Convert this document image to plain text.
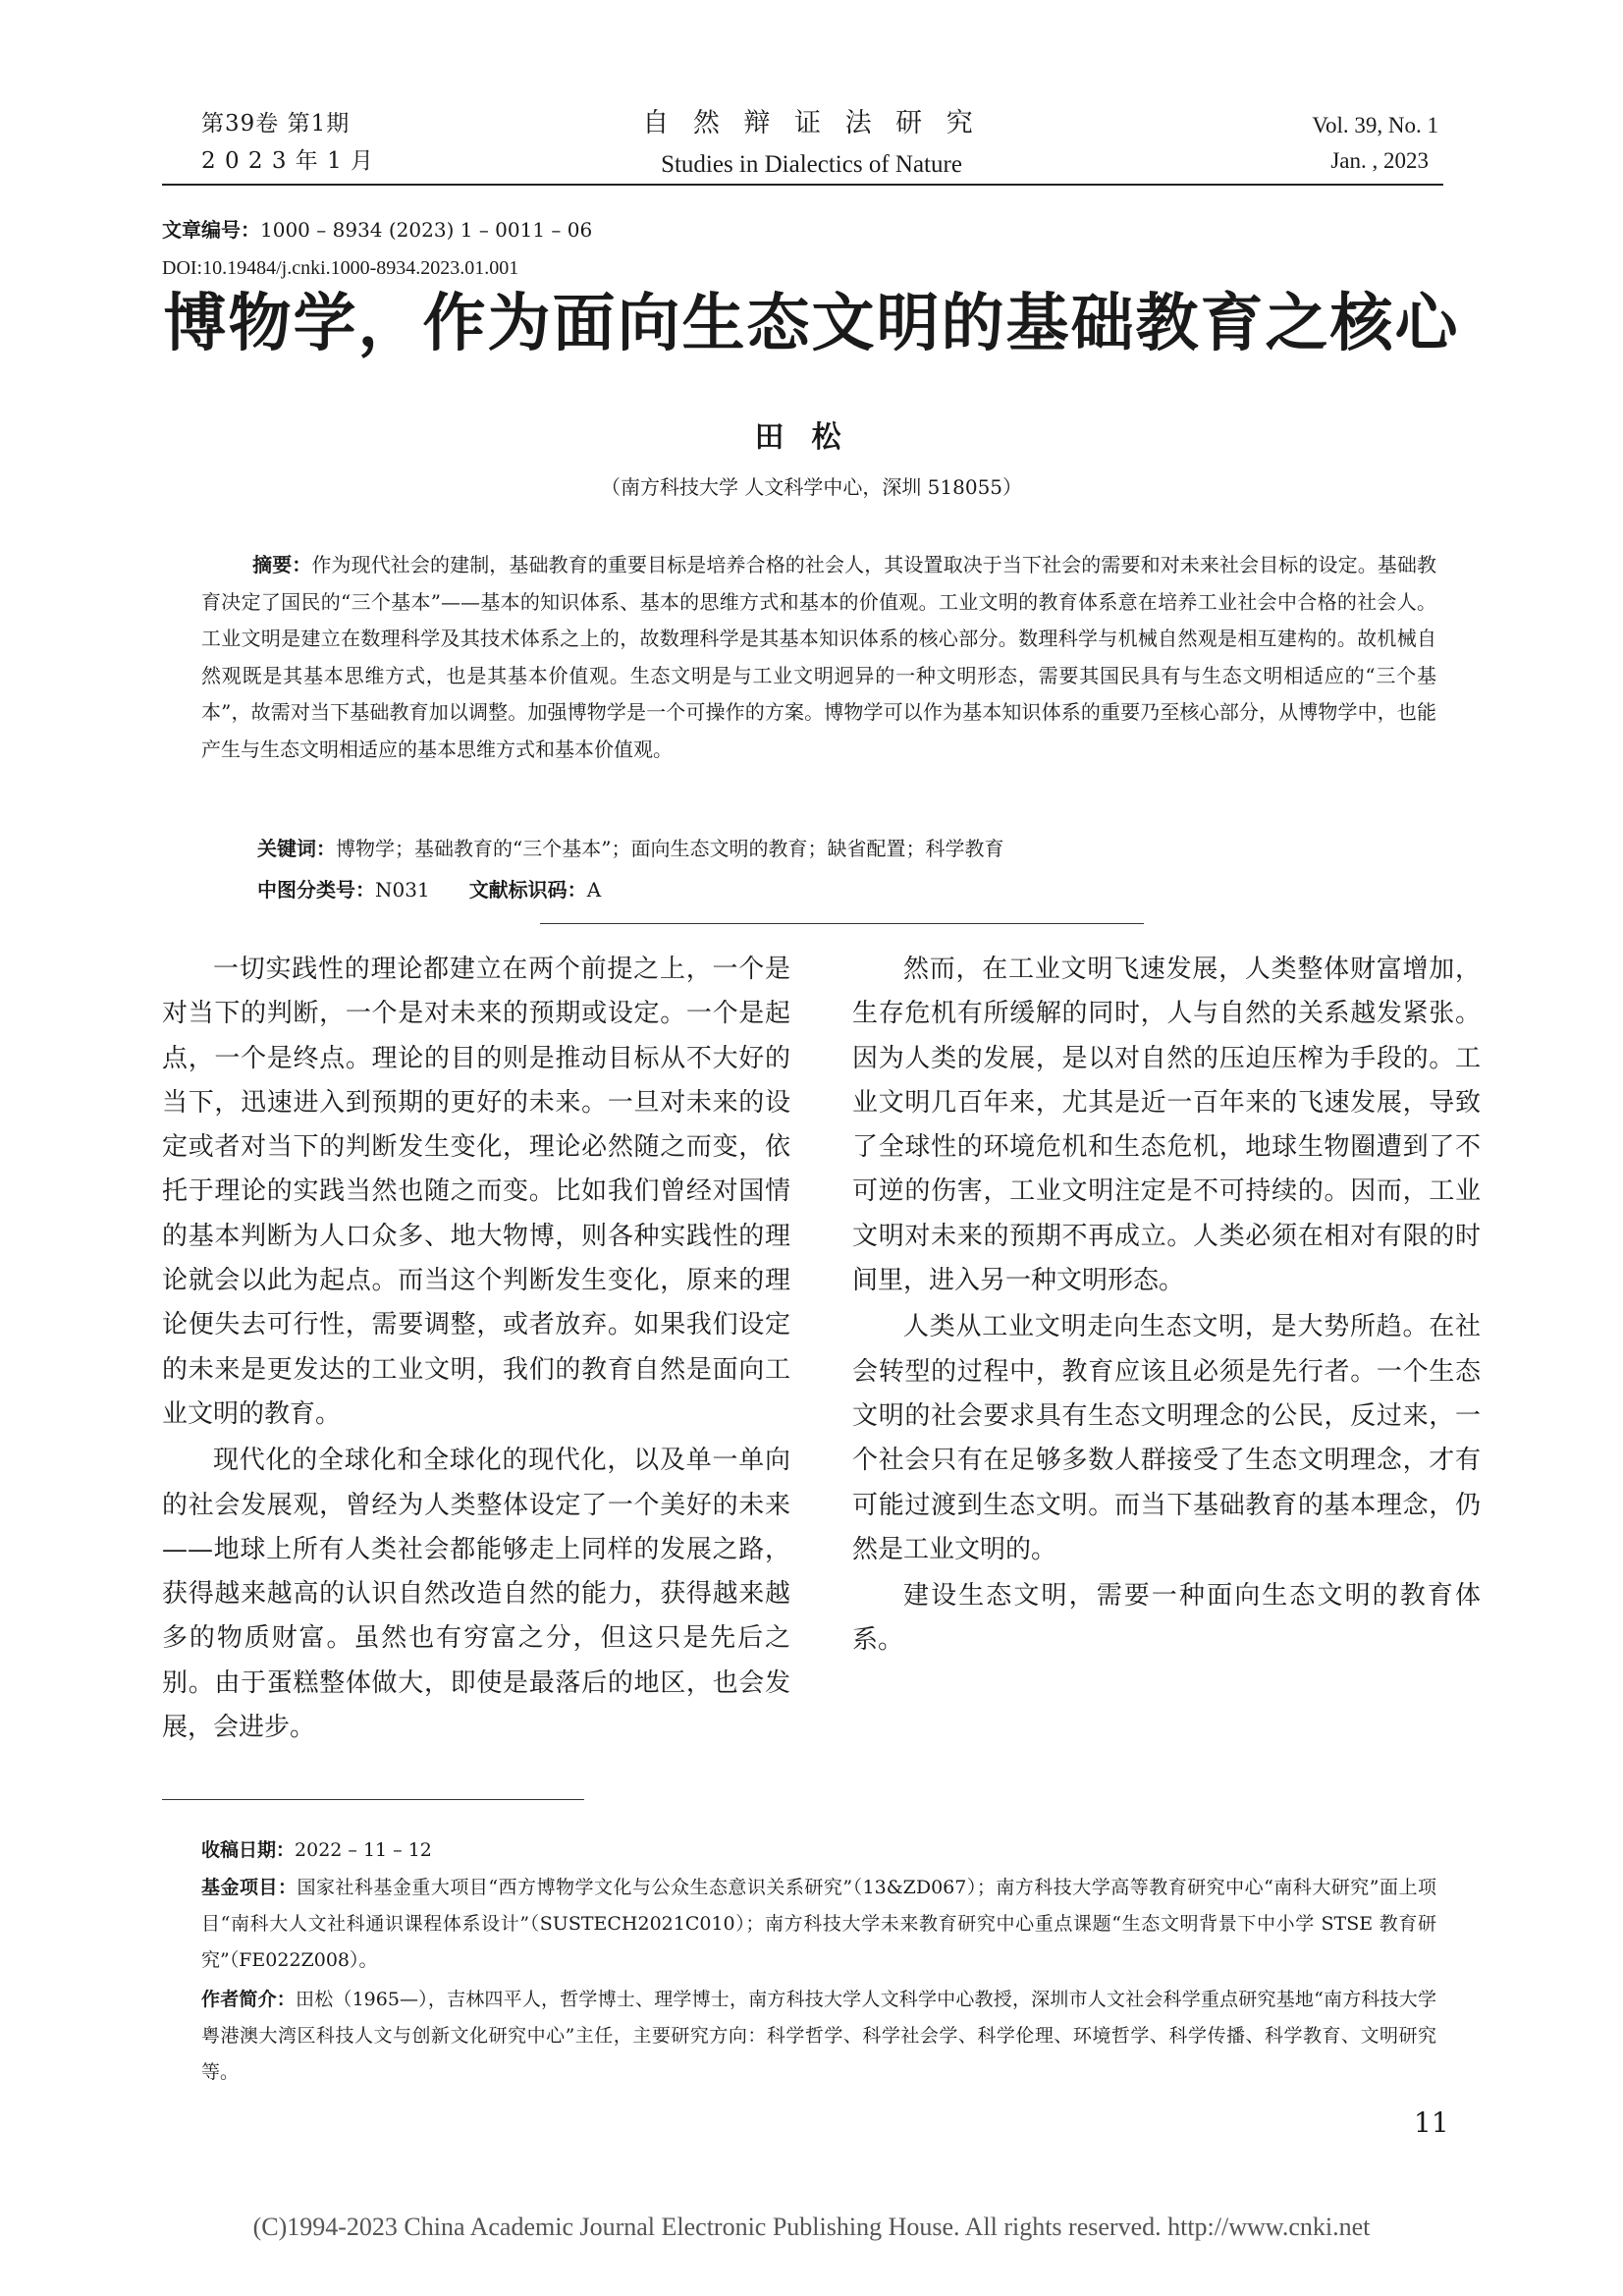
第39卷 第1期
2 0 2 3 年 1 月
自 然 辩 证 法 研 究
Studies in Dialectics of Nature
Vol. 39, No. 1
Jan. , 2023
文章编号：1000 – 8934 (2023) 1 – 0011 – 06
DOI:10.19484/j.cnki.1000-8934.2023.01.001
博物学，作为面向生态文明的基础教育之核心
田松
（南方科技大学 人文科学中心，深圳 518055）
摘要：作为现代社会的建制，基础教育的重要目标是培养合格的社会人，其设置取决于当下社会的需要和对未来社会目标的设定。基础教育决定了国民的“三个基本”——基本的知识体系、基本的思维方式和基本的价值观。工业文明的教育体系意在培养工业社会中合格的社会人。工业文明是建立在数理科学及其技术体系之上的，故数理科学是其基本知识体系的核心部分。数理科学与机械自然观是相互建构的。故机械自然观既是其基本思维方式，也是其基本价值观。生态文明是与工业文明迥异的一种文明形态，需要其国民具有与生态文明相适应的“三个基本”，故需对当下基础教育加以调整。加强博物学是一个可操作的方案。博物学可以作为基本知识体系的重要乃至核心部分，从博物学中，也能产生与生态文明相适应的基本思维方式和基本价值观。
关键词：博物学；基础教育的“三个基本”；面向生态文明的教育；缺省配置；科学教育
中图分类号：N031 文献标识码：A

一切实践性的理论都建立在两个前提之上，一个是对当下的判断，一个是对未来的预期或设定。一个是起点，一个是终点。理论的目的则是推动目标从不大好的当下，迅速进入到预期的更好的未来。一旦对未来的设定或者对当下的判断发生变化，理论必然随之而变，依托于理论的实践当然也随之而变。比如我们曾经对国情的基本判断为人口众多、地大物博，则各种实践性的理论就会以此为起点。而当这个判断发生变化，原来的理论便失去可行性，需要调整，或者放弃。如果我们设定的未来是更发达的工业文明，我们的教育自然是面向工业文明的教育。

现代化的全球化和全球化的现代化，以及单一单向的社会发展观，曾经为人类整体设定了一个美好的未来——地球上所有人类社会都能够走上同样的发展之路，获得越来越高的认识自然改造自然的能力，获得越来越多的物质财富。虽然也有穷富之分，但这只是先后之别。由于蛋糕整体做大，即使是最落后的地区，也会发展，会进步。

然而，在工业文明飞速发展，人类整体财富增加，生存危机有所缓解的同时，人与自然的关系越发紧张。因为人类的发展，是以对自然的压迫压榨为手段的。工业文明几百年来，尤其是近一百年来的飞速发展，导致了全球性的环境危机和生态危机，地球生物圈遭到了不可逆的伤害，工业文明注定是不可持续的。因而，工业文明对未来的预期不再成立。人类必须在相对有限的时间里，进入另一种文明形态。

人类从工业文明走向生态文明，是大势所趋。在社会转型的过程中，教育应该且必须是先行者。一个生态文明的社会要求具有生态文明理念的公民，反过来，一个社会只有在足够多数人群接受了生态文明理念，才有可能过渡到生态文明。而当下基础教育的基本理念，仍然是工业文明的。

建设生态文明，需要一种面向生态文明的教育体系。

收稿日期：2022 – 11 – 12
基金项目：国家社科基金重大项目“西方博物学文化与公众生态意识关系研究”（13&ZD067）；南方科技大学高等教育研究中心“南科大研究”面上项目“南科大人文社科通识课程体系设计”（SUSTECH2021C010）；南方科技大学未来教育研究中心重点课题“生态文明背景下中小学 STSE 教育研究”（FE022Z008）。
作者简介：田松（1965—），吉林四平人，哲学博士、理学博士，南方科技大学人文科学中心教授，深圳市人文社会科学重点研究基地“南方科技大学粤港澳大湾区科技人文与创新文化研究中心”主任，主要研究方向：科学哲学、科学社会学、科学伦理、环境哲学、科学传播、科学教育、文明研究等。
11
(C)1994-2023 China Academic Journal Electronic Publishing House. All rights reserved. http://www.cnki.net
